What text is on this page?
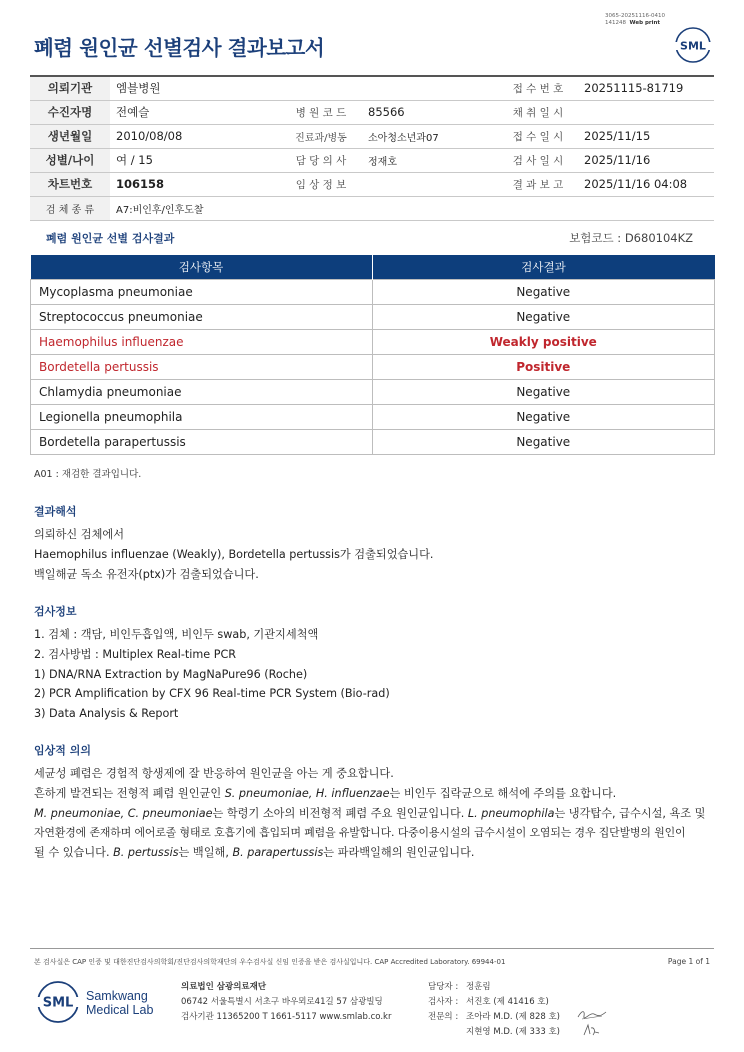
3065-20251116-0410
141248 Web print
폐렴 원인균 선별검사 결과보고서	SML
의뢰기관	엠블병원			접 수 번 호	20251115-81719
수진자명	전예슬	병 원 코 드	85566	채 취 일 시	
생년월일	2010/08/08	진료과/병동	소아청소년과07	접 수 일 시	2025/11/15
성별/나이	여 / 15	담 당 의 사	정재호	검 사 일 시	2025/11/16
차트번호	106158	임 상 정 보		결 과 보 고	2025/11/16 04:08
검 체 종 류	A7:비인후/인후도찰				
폐렴 원인균 선별 검사결과	보험코드 : D680104KZ
검사항목	검사결과
Mycoplasma pneumoniae	Negative
Streptococcus pneumoniae	Negative
Haemophilus influenzae	Weakly positive
Bordetella pertussis	Positive
Chlamydia pneumoniae	Negative
Legionella pneumophila	Negative
Bordetella parapertussis	Negative
A01 : 재검한 결과입니다.
결과해석

의뢰하신 검체에서

Haemophilus influenzae (Weakly), Bordetella pertussis가 검출되었습니다.

백일해균 독소 유전자(ptx)가 검출되었습니다.

검사정보

1. 검체 : 객담, 비인두흡입액, 비인두 swab, 기관지세척액

2. 검사방법 : Multiplex Real-time PCR

1) DNA/RNA Extraction by MagNaPure96 (Roche)

2) PCR Amplification by CFX 96 Real-time PCR System (Bio-rad)

3) Data Analysis & Report

임상적 의의

세균성 폐렴은 경험적 항생제에 잘 반응하여 원인균을 아는 게 중요합니다.

흔하게 발견되는 전형적 폐렴 원인균인 S. pneumoniae, H. influenzae는 비인두 집락균으로 해석에 주의를 요합니다.

M. pneumoniae, C. pneumoniae는 학령기 소아의 비전형적 폐렴 주요 원인균입니다. L. pneumophila는 냉각탑수, 급수시설, 욕조 및

자연환경에 존재하며 에어로졸 형태로 호흡기에 흡입되며 폐렴을 유발합니다. 다중이용시설의 급수시설이 오염되는 경우 집단발병의 원인이

될 수 있습니다. B. pertussis는 백일해, B. parapertussis는 파라백일해의 원인균입니다.

본 검사실은 CAP 인증 및 대한진단검사의학회/진단검사의학재단의 우수검사실 신임 인증을 받은 검사실입니다. CAP Accredited Laboratory. 69944-01	Page 1 of 1
SML Samkwang
Medical Lab
의료법인 삼광의료재단
06742 서울특별시 서초구 바우뫼로41길 57 삼광빌딩
검사기관 11365200 T 1661-5117 www.smlab.co.kr
담당자 : 정훈림
검사자 : 서진호 (제 41416 호)
전문의 : 조아라 M.D. (제 828 호)
지현영 M.D. (제 333 호)
